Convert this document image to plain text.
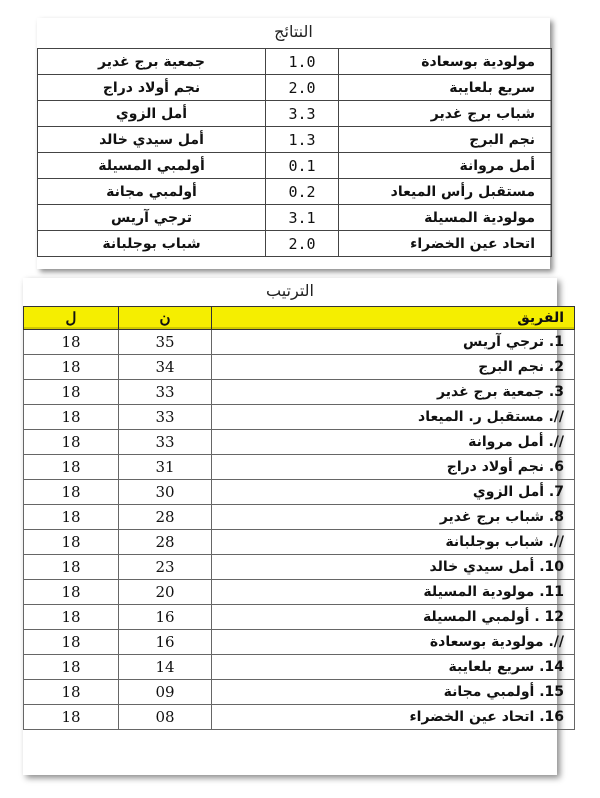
النتائج
جمعية برج غدير	1.0	مولودية بوسعادة
نجم أولاد دراج	2.0	سريع بلعايبة
أمل الزوي	3.3	شباب برج غدير
أمل سيدي خالد	1.3	نجم البرج
أولمبي المسيلة	0.1	أمل مروانة
أولمبي مجانة	0.2	مستقبل رأس الميعاد
ترجي آريس	3.1	مولودية المسيلة
شباب بوجلبانة	2.0	اتحاد عين الخضراء
الترتيب
ل	ن	الفريق
18	35	1. ترجي آريس
18	34	2. نجم البرج
18	33	3. جمعية برج غدير
18	33	//. مستقبل ر. الميعاد
18	33	//. أمل مروانة
18	31	6. نجم أولاد دراج
18	30	7. أمل الزوي
18	28	8. شباب برج غدير
18	28	//. شباب بوجلبانة
18	23	10. أمل سيدي خالد
18	20	11. مولودية المسيلة
18	16	12 . أولمبي المسيلة
18	16	//. مولودية بوسعادة
18	14	14. سريع بلعايبة
18	09	15. أولمبي مجانة
18	08	16. اتحاد عين الخضراء
